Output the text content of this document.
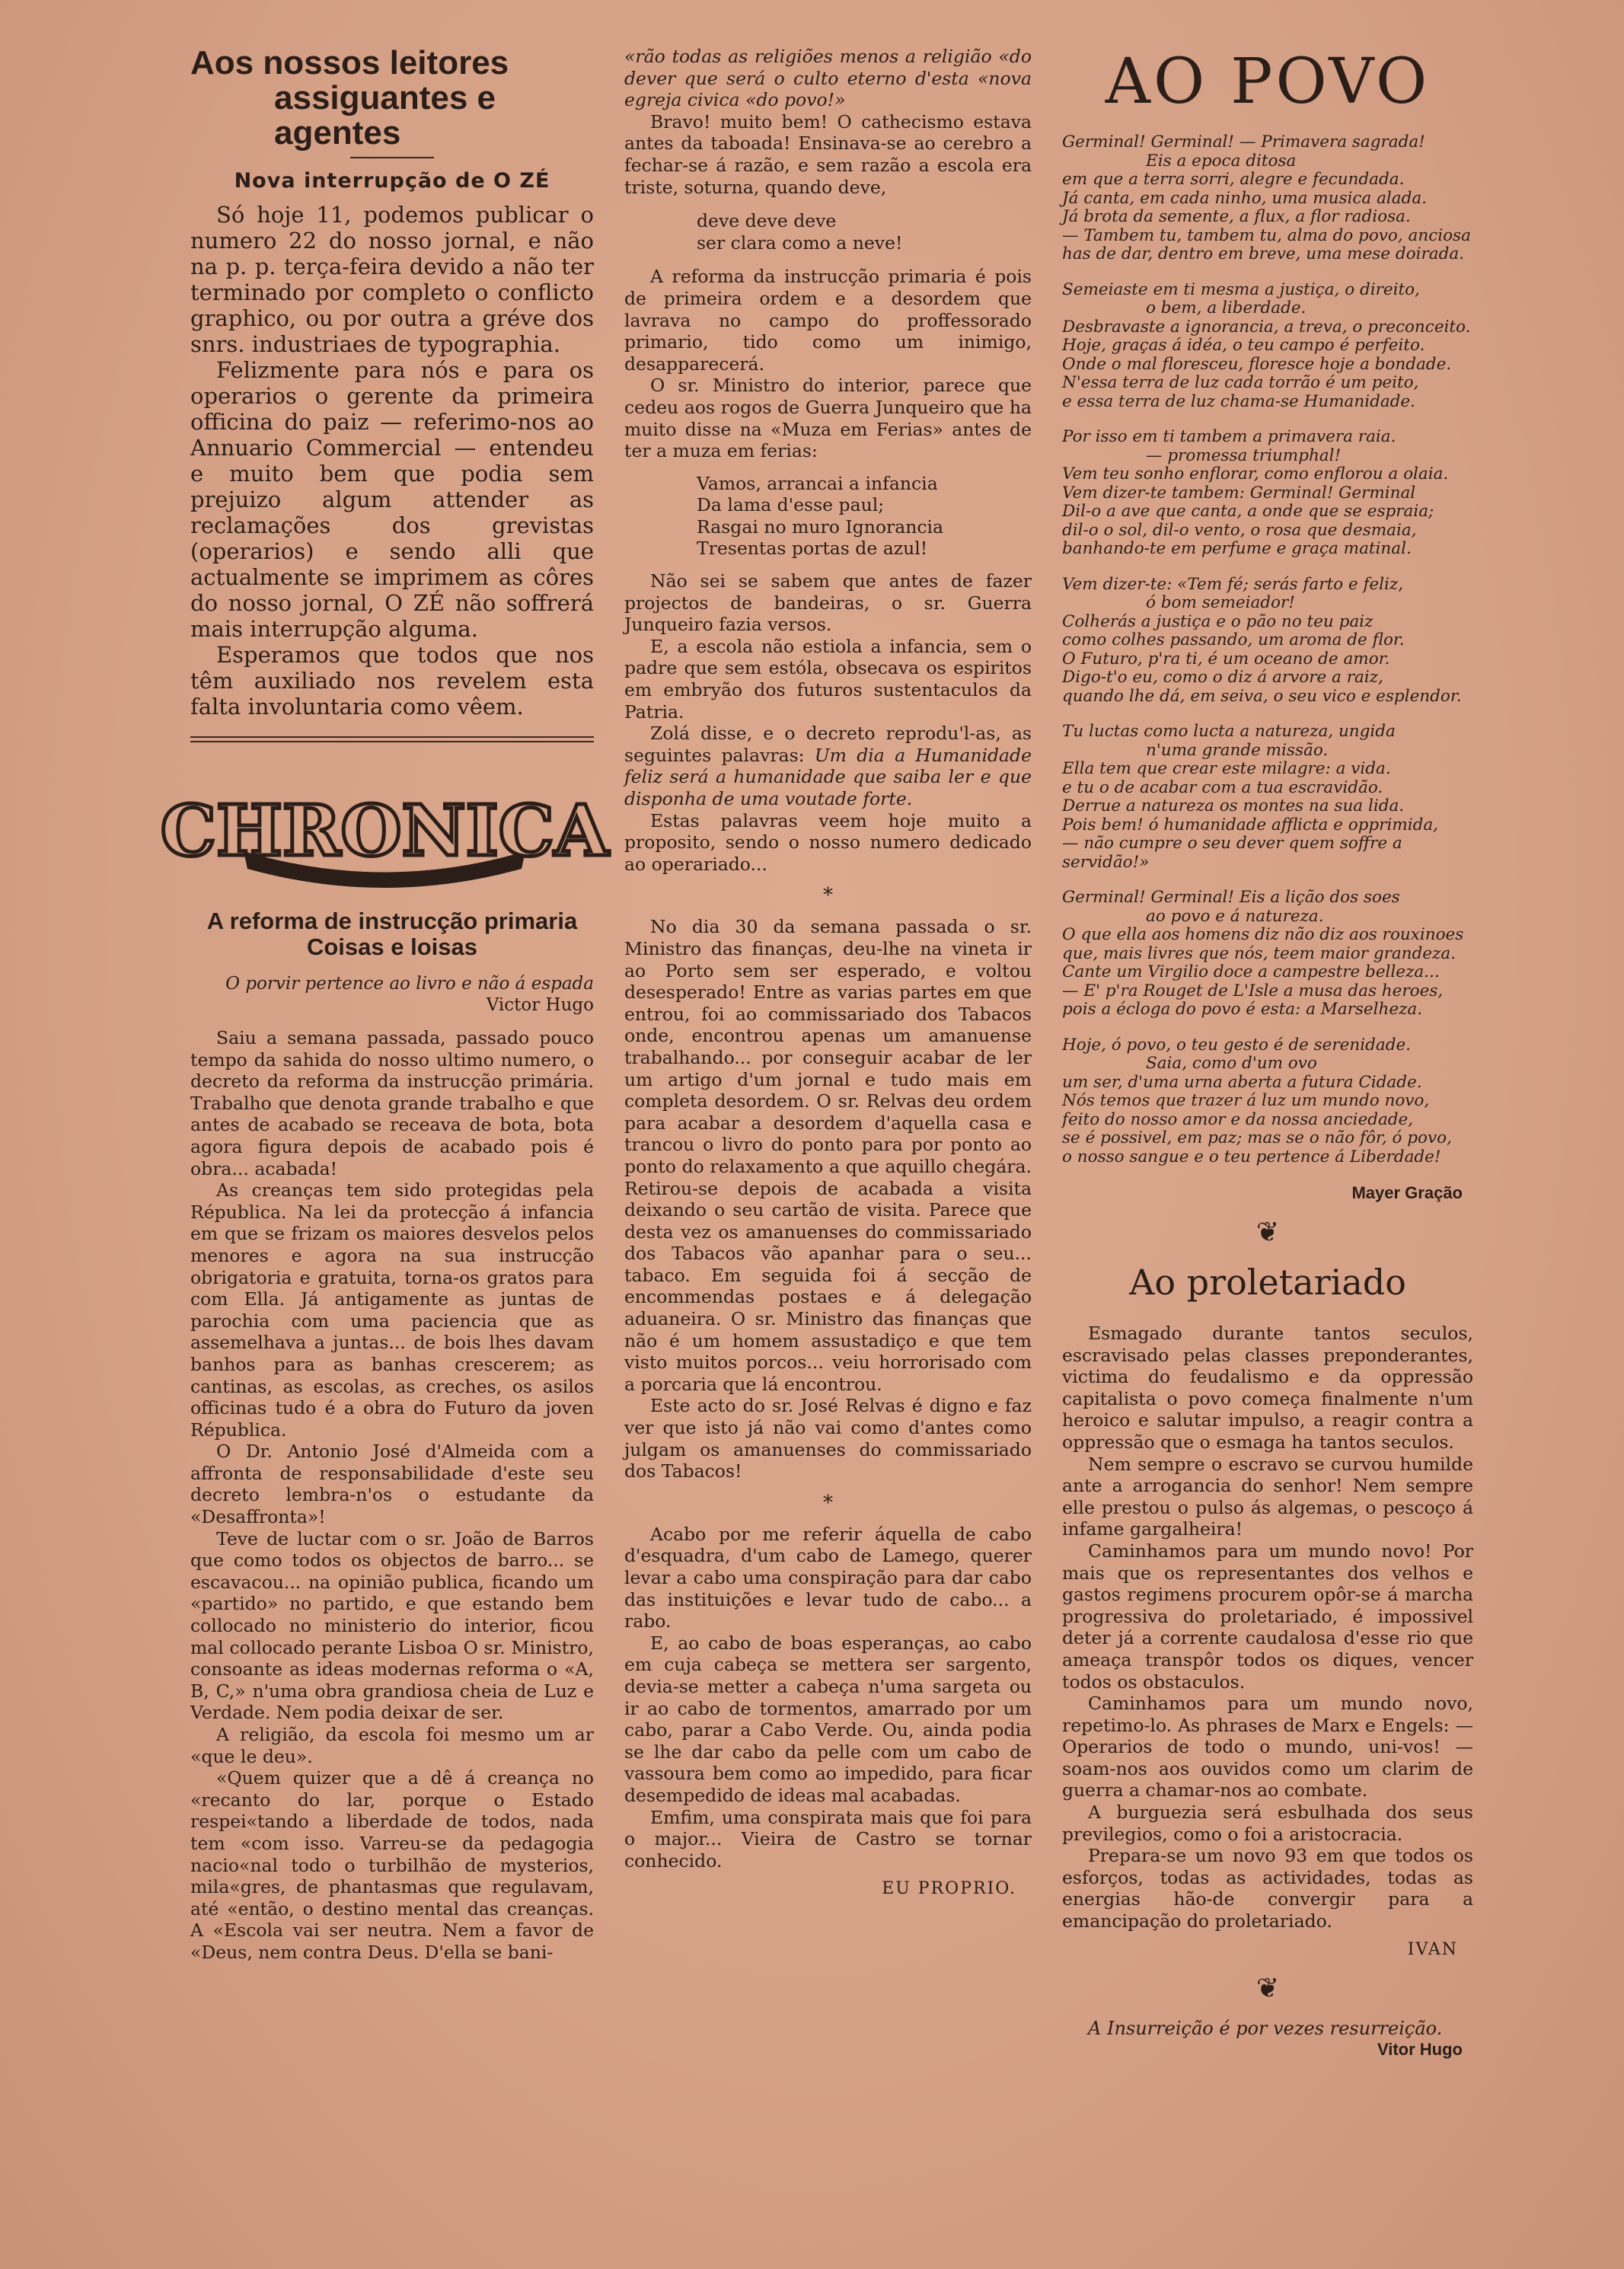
Aos nossos leitores
assiguantes e agentes
Nova interrupção de O ZÉ

Só hoje 11, podemos publicar o numero 22 do nosso jornal, e não na p. p. terça-feira devido a não ter terminado por completo o conflicto graphico, ou por outra a gréve dos snrs. industriaes de typographia.

Felizmente para nós e para os operarios o gerente da primeira officina do paiz — referimo-nos ao Annuario Commercial — entendeu e muito bem que podia sem prejuizo algum attender as reclamações dos grevistas (operarios) e sendo alli que actualmente se imprimem as côres do nosso jornal, O ZÉ não soffrerá mais interrupção alguma.

Esperamos que todos que nos têm auxiliado nos revelem esta falta involuntaria como vêem.

CHRONICA
A reforma de instrucção primaria
Coisas e loisas
O porvir pertence ao livro e não á espada
Victor Hugo

Saiu a semana passada, passado pouco tempo da sahida do nosso ultimo numero, o decreto da reforma da instrucção primária. Trabalho que denota grande trabalho e que antes de acabado se receava de bota, bota agora figura depois de acabado pois é obra... acabada!

As creanças tem sido protegidas pela Républica. Na lei da protecção á infancia em que se frizam os maiores desvelos pelos menores e agora na sua instrucção obrigatoria e gratuita, torna-os gratos para com Ella. Já antigamente as juntas de parochia com uma paciencia que as assemelhava a juntas... de bois lhes davam banhos para as banhas crescerem; as cantinas, as escolas, as creches, os asilos officinas tudo é a obra do Futuro da joven Républica.

O Dr. Antonio José d'Almeida com a affronta de responsabilidade d'este seu decreto lembra-n'os o estudante da «Desaffronta»!

Teve de luctar com o sr. João de Barros que como todos os objectos de barro... se escavacou... na opinião publica, ficando um «partido» no partido, e que estando bem collocado no ministerio do interior, ficou mal collocado perante Lisboa O sr. Ministro, consoante as ideas modernas reforma o «A, B, C,» n'uma obra grandiosa cheia de Luz e Verdade. Nem podia deixar de ser.

A religião, da escola foi mesmo um ar «que le deu».

«Quem quizer que a dê á creança no «recanto do lar, porque o Estado respei«tando a liberdade de todos, nada tem «com isso. Varreu-se da pedagogia nacio«nal todo o turbilhão de mysterios, mila«gres, de phantasmas que regulavam, até «então, o destino mental das creanças. A «Escola vai ser neutra. Nem a favor de «Deus, nem contra Deus. D'ella se bani-

«rão todas as religiões menos a religião «do dever que será o culto eterno d'esta «nova egreja civica «do povo!»

Bravo! muito bem! O cathecismo estava antes da taboada! Ensinava-se ao cerebro a fechar-se á razão, e sem razão a escola era triste, soturna, quando deve,

deve deve deve
ser clara como a neve!

A reforma da instrucção primaria é pois de primeira ordem e a desordem que lavrava no campo do proffessorado primario, tido como um inimigo, desapparecerá.

O sr. Ministro do interior, parece que cedeu aos rogos de Guerra Junqueiro que ha muito disse na «Muza em Ferias» antes de ter a muza em ferias:

Vamos, arrancai a infancia
Da lama d'esse paul;
Rasgai no muro Ignorancia
Tresentas portas de azul!

Não sei se sabem que antes de fazer projectos de bandeiras, o sr. Guerra Junqueiro fazia versos.

E, a escola não estiola a infancia, sem o padre que sem estóla, obsecava os espiritos em embryão dos futuros sustentaculos da Patria.

Zolá disse, e o decreto reprodu'l-as, as seguintes palavras: Um dia a Humanidade feliz será a humanidade que saiba ler e que disponha de uma voutade forte.

Estas palavras veem hoje muito a proposito, sendo o nosso numero dedicado ao operariado...

*

No dia 30 da semana passada o sr. Ministro das finanças, deu-lhe na vineta ir ao Porto sem ser esperado, e voltou desesperado! Entre as varias partes em que entrou, foi ao commissariado dos Tabacos onde, encontrou apenas um amanuense trabalhando... por conseguir acabar de ler um artigo d'um jornal e tudo mais em completa desordem. O sr. Relvas deu ordem para acabar a desordem d'aquella casa e trancou o livro do ponto para por ponto ao ponto do relaxamento a que aquillo chegára. Retirou-se depois de acabada a visita deixando o seu cartão de visita. Parece que desta vez os amanuenses do commissariado dos Tabacos vão apanhar para o seu... tabaco. Em seguida foi á secção de encommendas postaes e á delegação aduaneira. O sr. Ministro das finanças que não é um homem assustadiço e que tem visto muitos porcos... veiu horrorisado com a porcaria que lá encontrou.

Este acto do sr. José Relvas é digno e faz ver que isto já não vai como d'antes como julgam os amanuenses do commissariado dos Tabacos!

*

Acabo por me referir áquella de cabo d'esquadra, d'um cabo de Lamego, querer levar a cabo uma conspiração para dar cabo das instituições e levar tudo de cabo... a rabo.

E, ao cabo de boas esperanças, ao cabo em cuja cabeça se mettera ser sargento, devia-se metter a cabeça n'uma sargeta ou ir ao cabo de tormentos, amarrado por um cabo, parar a Cabo Verde. Ou, ainda podia se lhe dar cabo da pelle com um cabo de vassoura bem como ao impedido, para ficar desempedido de ideas mal acabadas.

Emfim, uma conspirata mais que foi para o major... Vieira de Castro se tornar conhecido.

EU PROPRIO.
AO POVO
Germinal! Germinal! — Primavera sagrada!
Eis a epoca ditosa
em que a terra sorri, alegre e fecundada.
Já canta, em cada ninho, uma musica alada.
Já brota da semente, a flux, a flor radiosa.
— Tambem tu, tambem tu, alma do povo, anciosa
has de dar, dentro em breve, uma mese doirada.
Semeiaste em ti mesma a justiça, o direito,
o bem, a liberdade.
Desbravaste a ignorancia, a treva, o preconceito.
Hoje, graças á idéa, o teu campo é perfeito.
Onde o mal floresceu, floresce hoje a bondade.
N'essa terra de luz cada torrão é um peito,
e essa terra de luz chama-se Humanidade.
Por isso em ti tambem a primavera raia.
— promessa triumphal!
Vem teu sonho enflorar, como enflorou a olaia.
Vem dizer-te tambem: Germinal! Germinal
Dil-o a ave que canta, a onde que se espraia;
dil-o o sol, dil-o vento, o rosa que desmaia,
banhando-te em perfume e graça matinal.
Vem dizer-te: «Tem fé; serás farto e feliz,
ó bom semeiador!
Colherás a justiça e o pão no teu paiz
como colhes passando, um aroma de flor.
O Futuro, p'ra ti, é um oceano de amor.
Digo-t'o eu, como o diz á arvore a raiz,
quando lhe dá, em seiva, o seu vico e esplendor.
Tu luctas como lucta a natureza, ungida
n'uma grande missão.
Ella tem que crear este milagre: a vida.
e tu o de acabar com a tua escravidão.
Derrue a natureza os montes na sua lida.
Pois bem! ó humanidade afflicta e opprimida,
— não cumpre o seu dever quem soffre a servidão!»
Germinal! Germinal! Eis a lição dos soes
ao povo e á natureza.
O que ella aos homens diz não diz aos rouxinoes
que, mais livres que nós, teem maior grandeza.
Cante um Virgilio doce a campestre belleza...
— E' p'ra Rouget de L'Isle a musa das heroes,
pois a écloga do povo é esta: a Marselheza.
Hoje, ó povo, o teu gesto é de serenidade.
Saia, como d'um ovo
um ser, d'uma urna aberta a futura Cidade.
Nós temos que trazer á luz um mundo novo,
feito do nosso amor e da nossa anciedade,
se é possivel, em paz; mas se o não fôr, ó povo,
o nosso sangue e o teu pertence á Liberdade!
Mayer Gração
❦
Ao proletariado

Esmagado durante tantos seculos, escravisado pelas classes preponderantes, victima do feudalismo e da oppressão capitalista o povo começa finalmente n'um heroico e salutar impulso, a reagir contra a oppressão que o esmaga ha tantos seculos.

Nem sempre o escravo se curvou humilde ante a arrogancia do senhor! Nem sempre elle prestou o pulso ás algemas, o pescoço á infame gargalheira!

Caminhamos para um mundo novo! Por mais que os representantes dos velhos e gastos regimens procurem opôr-se á marcha progressiva do proletariado, é impossivel deter já a corrente caudalosa d'esse rio que ameaça transpôr todos os diques, vencer todos os obstaculos.

Caminhamos para um mundo novo, repetimo-lo. As phrases de Marx e Engels: — Operarios de todo o mundo, uni-vos! — soam-nos aos ouvidos como um clarim de guerra a chamar-nos ao combate.

A burguezia será esbulhada dos seus previlegios, como o foi a aristocracia.

Prepara-se um novo 93 em que todos os esforços, todas as actividades, todas as energias hão-de convergir para a emancipação do proletariado.

IVAN
❦

A Insurreição é por vezes resurreição.

Vitor Hugo
